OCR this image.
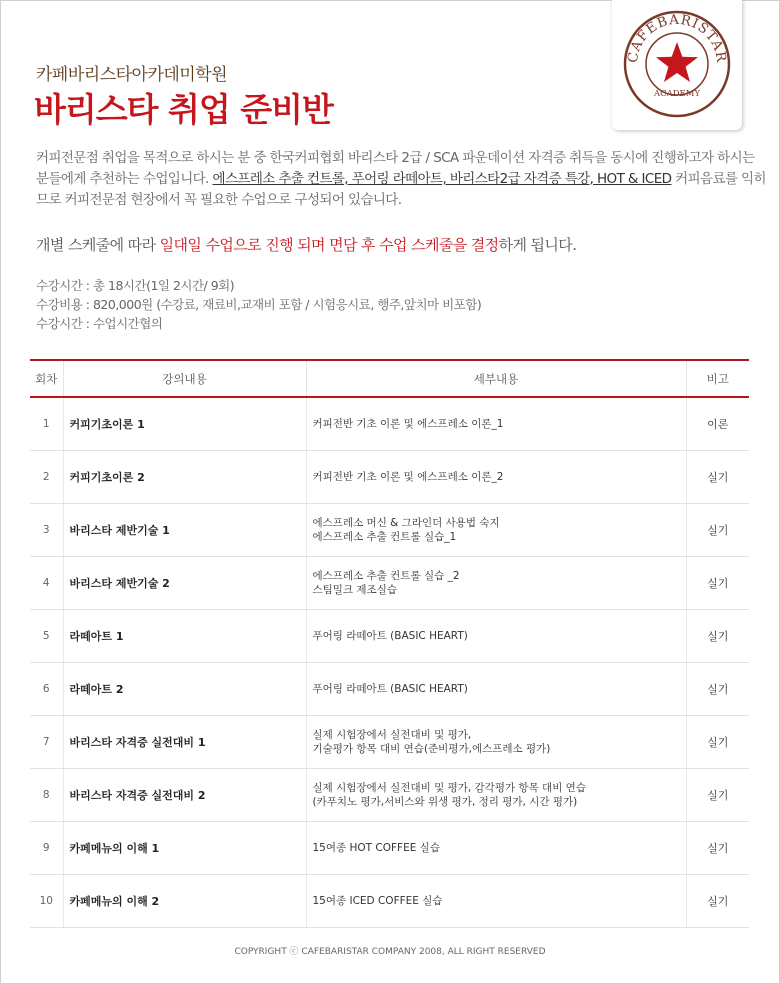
CAFEBARISTAR
ACADEMY
카페바리스타아카데미학원
바리스타 취업 준비반
커피전문점 취업을 목적으로 하시는 분 중 한국커피협회 바리스타 2급 / SCA 파운데이션 자격증 취득을 동시에 진행하고자 하시는 분들에게 추천하는 수업입니다. 에스프레소 추출 컨트롤, 푸어링 라떼아트, 바리스타2급 자격증 특강, HOT & ICED 커피음료를 익히므로 커피전문점 현장에서 꼭 필요한 수업으로 구성되어 있습니다.
개별 스케줄에 따라 일대일 수업으로 진행 되며 면담 후 수업 스케줄을 결정하게 됩니다.
수강시간 : 총 18시간(1일 2시간/ 9회)
수강비용 : 820,000원 (수강료, 재료비,교재비 포함 / 시험응시료, 행주,앞치마 비포함)
수강시간 : 수업시간협의
회차	강의내용	세부내용	비고
1	커피기초이론 1	커피전반 기초 이론 및 에스프레소 이론_1	이론
2	커피기초이론 2	커피전반 기초 이론 및 에스프레소 이론_2	실기
3	바리스타 제반기술 1	에스프레소 머신 & 그라인더 사용법 숙지
에스프레소 추출 컨트롤 실습_1	실기
4	바리스타 제반기술 2	에스프레소 추출 컨트롤 실습 _2
스팀밀크 제조실습	실기
5	라떼아트 1	푸어링 라떼아트 (BASIC HEART)	실기
6	라떼아트 2	푸어링 라떼아트 (BASIC HEART)	실기
7	바리스타 자격증 실전대비 1	실제 시험장에서 실전대비 및 평가,
기술평가 항목 대비 연습(준비평가,에스프레소 평가)	실기
8	바리스타 자격증 실전대비 2	실제 시험장에서 실전대비 및 평가, 감각평가 항목 대비 연습
(카푸치노 평가,서비스와 위생 평가, 정리 평가, 시간 평가)	실기
9	카페메뉴의 이해 1	15여종 HOT COFFEE 실습	실기
10	카페메뉴의 이해 2	15여종 ICED COFFEE 실습	실기
COPYRIGHT ⓒ CAFEBARISTAR COMPANY 2008, ALL RIGHT RESERVED
